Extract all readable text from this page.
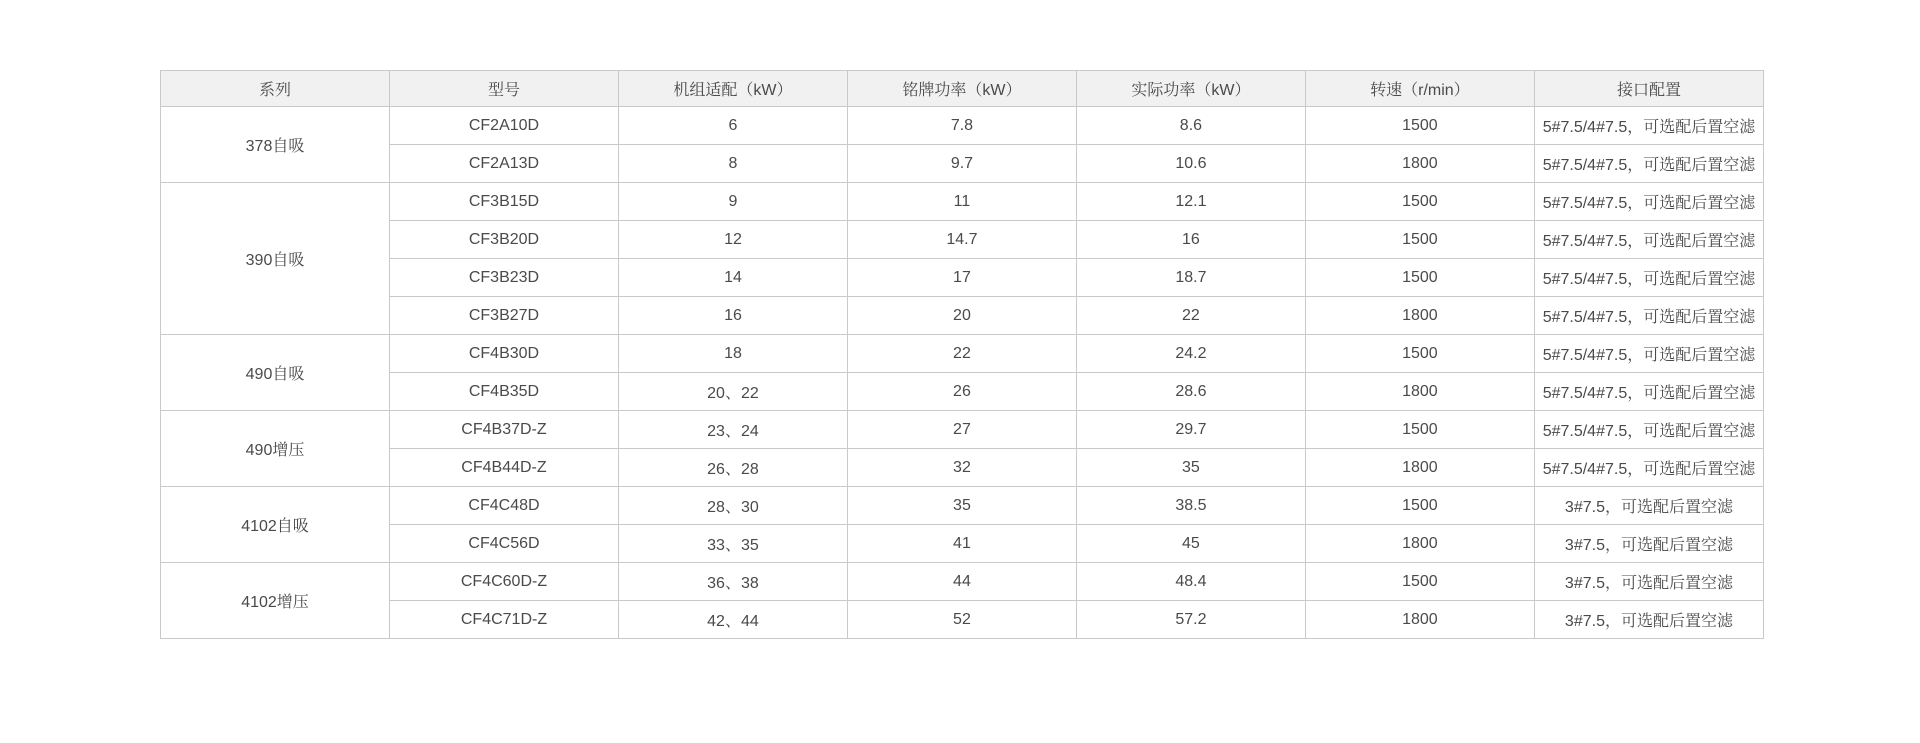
系列	型号	机组适配（kW）	铭牌功率（kW）	实际功率（kW）	转速（r/min）	接口配置
378自吸	CF2A10D	6	7.8	8.6	1500	5#7.5/4#7.5，可选配后置空滤
	CF2A13D	8	9.7	10.6	1800	5#7.5/4#7.5，可选配后置空滤
390自吸	CF3B15D	9	11	12.1	1500	5#7.5/4#7.5，可选配后置空滤
	CF3B20D	12	14.7	16	1500	5#7.5/4#7.5，可选配后置空滤
	CF3B23D	14	17	18.7	1500	5#7.5/4#7.5，可选配后置空滤
	CF3B27D	16	20	22	1800	5#7.5/4#7.5，可选配后置空滤
490自吸	CF4B30D	18	22	24.2	1500	5#7.5/4#7.5，可选配后置空滤
	CF4B35D	20、22	26	28.6	1800	5#7.5/4#7.5，可选配后置空滤
490增压	CF4B37D-Z	23、24	27	29.7	1500	5#7.5/4#7.5，可选配后置空滤
	CF4B44D-Z	26、28	32	35	1800	5#7.5/4#7.5，可选配后置空滤
4102自吸	CF4C48D	28、30	35	38.5	1500	3#7.5，可选配后置空滤
	CF4C56D	33、35	41	45	1800	3#7.5，可选配后置空滤
4102增压	CF4C60D-Z	36、38	44	48.4	1500	3#7.5，可选配后置空滤
	CF4C71D-Z	42、44	52	57.2	1800	3#7.5，可选配后置空滤
